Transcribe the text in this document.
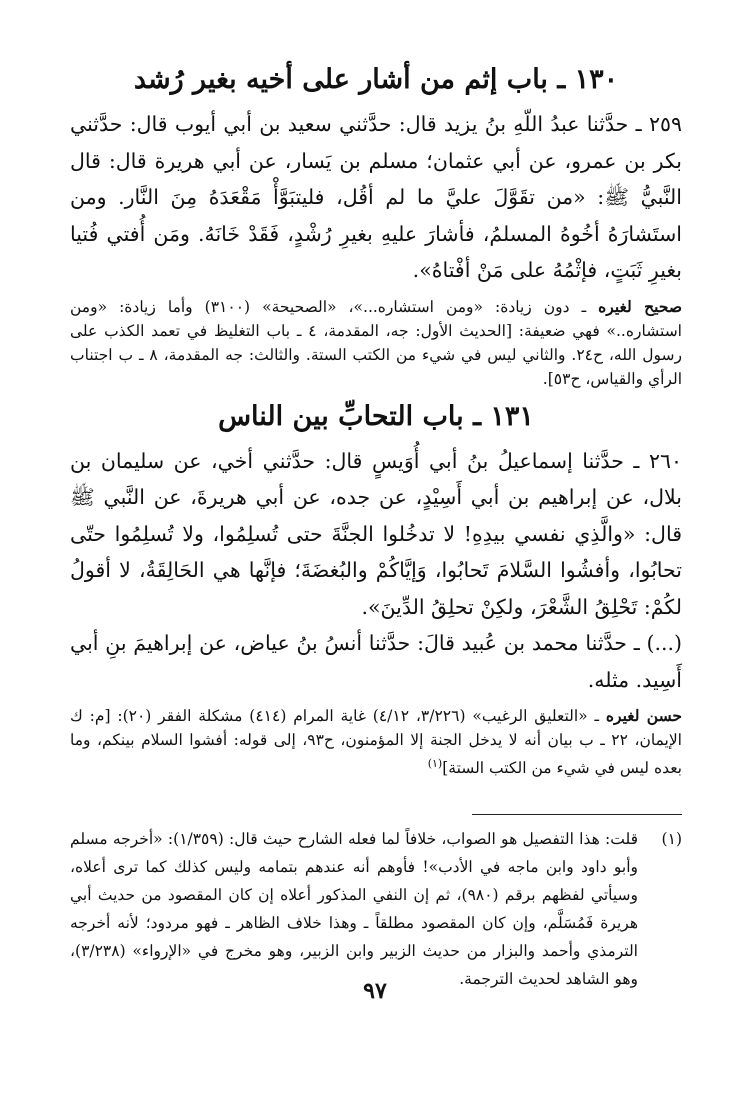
١٣٠ ـ باب إثم من أشار على أخيه بغير رُشد

٢٥٩ ـ حدَّثنا عبدُ اللّهِ بنُ يزيد قال: حدَّثني سعيد بن أبي أيوب قال: حدَّثني بكر بن عمرو، عن أبي عثمان؛ مسلم بن يَسار، عن أبي هريرة قال: قال النَّبيُّ ﷺ: «من تقَوَّلَ عليَّ ما لم أقُل، فليتبَوَّأْ مَقْعَدَهُ مِنَ النَّار. ومن استَشارَهُ أخُوهُ المسلمُ، فأشارَ عليهِ بغيرِ رُشْدٍ، فَقَدْ خَانَهُ. ومَن أُفتي فُتيا بغيرِ ثَبَتٍ، فإثْمُهُ على مَنْ أفْتاهُ».

صحيح لغيره ـ دون زيادة: «ومن استشاره...»، «الصحيحة» (٣١٠٠) وأما زيادة: «ومن استشاره..» فهي ضعيفة: [الحديث الأول: جه، المقدمة، ٤ ـ باب التغليظ في تعمد الكذب على رسول الله، ح٢٤. والثاني ليس في شيء من الكتب الستة. والثالث: جه المقدمة، ٨ ـ ب اجتناب الرأي والقياس، ح٥٣].

١٣١ ـ باب التحابِّ بين الناس

٢٦٠ ـ حدَّثنا إسماعيلُ بنُ أبي أُوَيسٍ قال: حدَّثني أخي، عن سليمان بن بلال، عن إبراهيم بن أبي أَسِيْدٍ، عن جده، عن أبي هريرةَ، عن النَّبي ﷺ قال: «والَّذِي نفسي بيدِهِ! لا تدخُلوا الجنَّةَ حتى تُسلِمُوا، ولا تُسلِمُوا حتّى تحابُوا، وأفشُوا السَّلامَ تَحابُوا، وَإيَّاكُمْ والبُغضَةَ؛ فإنَّها هي الحَالِقَةُ، لا أقولُ لكُمْ: تَحْلِقُ الشَّعْرَ، ولكِنْ تحلِقُ الدِّينَ».

(...) ـ حدَّثنا محمد بن عُبيد قالَ: حدَّثنا أنسُ بنُ عياض، عن إبراهيمَ بنِ أبي أَسِيد. مثله.

حسن لغيره ـ «التعليق الرغيب» (٣/٢٢٦، ٤/١٢) غاية المرام (٤١٤) مشكلة الفقر (٢٠): [م: ك الإيمان، ٢٢ ـ ب بيان أنه لا يدخل الجنة إلا المؤمنون، ح٩٣، إلى قوله: أفشوا السلام بينكم، وما بعده ليس في شيء من الكتب الستة]$^{(١)}$

(١)
قلت: هذا التفصيل هو الصواب، خلافاً لما فعله الشارح حيث قال: (١/٣٥٩): «أخرجه مسلم وأبو داود وابن ماجه في الأدب»! فأوهم أنه عندهم بتمامه وليس كذلك كما ترى أعلاه، وسيأتي لفظهم برقم (٩٨٠)، ثم إن النفي المذكور أعلاه إن كان المقصود من حديث أبي هريرة فَمُسَلَّم، وإن كان المقصود مطلقاً ـ وهذا خلاف الظاهر ـ فهو مردود؛ لأنه أخرجه الترمذي وأحمد والبزار من حديث الزبير وابن الزبير، وهو مخرج في «الإرواء» (٣/٢٣٨)، وهو الشاهد لحديث الترجمة.
٩٧
